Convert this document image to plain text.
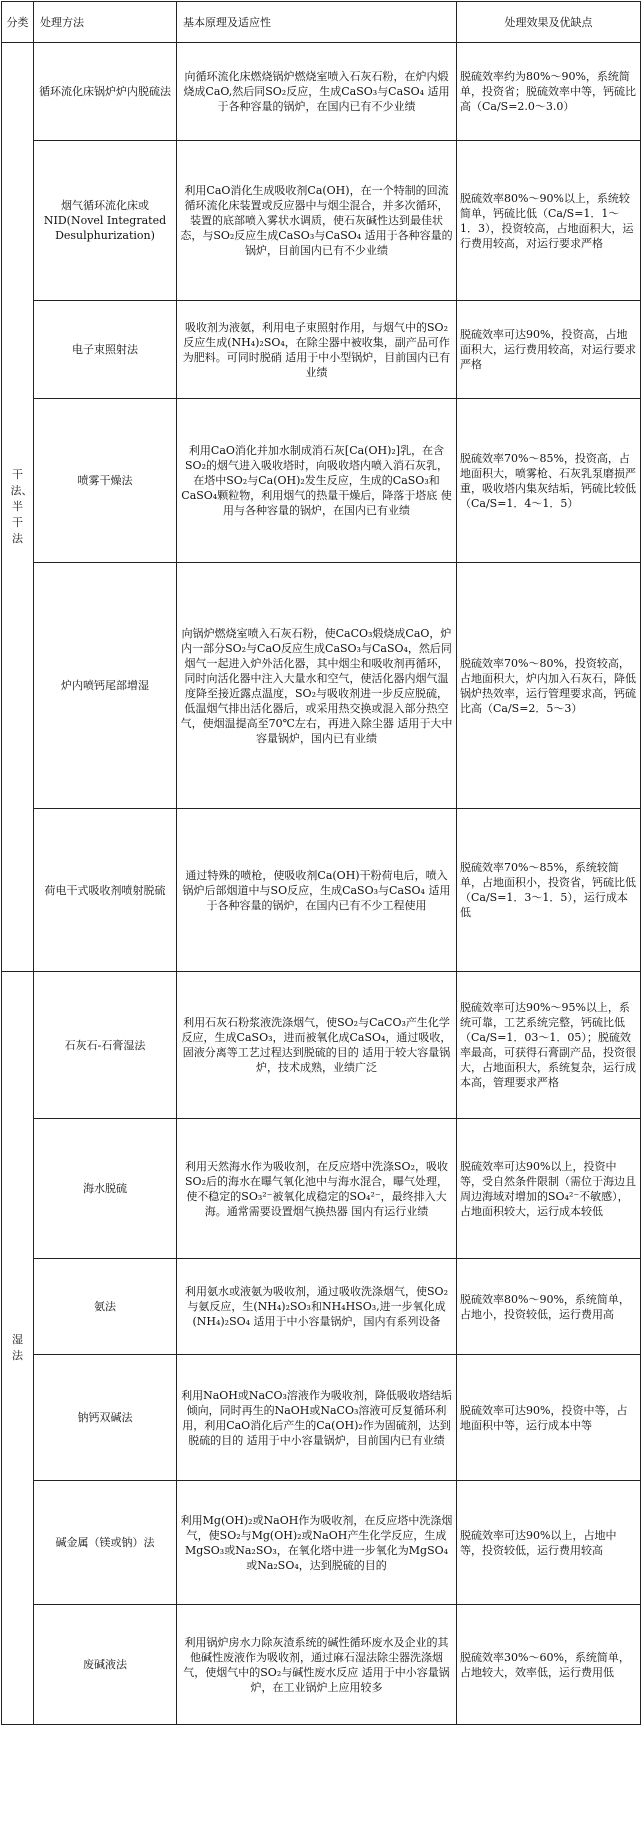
分类	处理方法	基本原理及适应性	处理效果及优缺点
干法、半干法	循环流化床锅炉炉内脱硫法	向循环流化床燃烧锅炉燃烧室喷入石灰石粉，在炉内煅烧成CaO,然后同SO₂反应，生成CaSO₃与CaSO₄ 适用于各种容量的锅炉，在国内已有不少业绩	脱硫效率约为80%～90%，系统简单，投资省；脱硫效率中等，钙硫比高（Ca/S=2.0～3.0）
	烟气循环流化床或NID(Novel Integrated Desulphurization)	利用CaO消化生成吸收剂Ca(OH)，在一个特制的回流循环流化床装置或反应器中与烟尘混合，并多次循环，装置的底部喷入雾状水调质，使石灰碱性达到最佳状态，与SO₂反应生成CaSO₃与CaSO₄ 适用于各种容量的锅炉，目前国内已有不少业绩	脱硫效率80%～90%以上，系统较简单，钙硫比低（Ca/S=1．1～1．3），投资较高，占地面积大，运行费用较高，对运行要求严格
	电子束照射法	吸收剂为液氨，利用电子束照射作用，与烟气中的SO₂反应生成(NH₄)₂SO₄，在除尘器中被收集，副产品可作为肥料。可同时脱硝 适用于中小型锅炉，目前国内已有业绩	脱硫效率可达90%，投资高，占地面积大，运行费用较高，对运行要求严格
	喷雾干燥法	利用CaO消化并加水制成消石灰[Ca(OH)₂]乳，在含SO₂的烟气进入吸收塔时，向吸收塔内喷入消石灰乳，在塔中SO₂与Ca(OH)₂发生反应，生成的CaSO₃和CaSO₄颗粒物，利用烟气的热量干燥后，降落于塔底 使用与各种容量的锅炉，在国内已有业绩	脱硫效率70%～85%，投资高，占地面积大，喷雾枪、石灰乳泵磨损严重，吸收塔内集灰结垢，钙硫比较低（Ca/S=1．4～1．5）
	炉内喷钙尾部增湿	向锅炉燃烧室喷入石灰石粉，使CaCO₃煅烧成CaO，炉内一部分SO₂与CaO反应生成CaSO₃与CaSO₄，然后同烟气一起进入炉外活化器，其中烟尘和吸收剂再循环，同时向活化器中注入大量水和空气，使活化器内烟气温度降至接近露点温度，SO₂与吸收剂进一步反应脱硫，低温烟气排出活化器后，或采用热交换或混入部分热空气，使烟温提高至70℃左右，再进入除尘器 适用于大中容量锅炉，国内已有业绩	脱硫效率70%～80%，投资较高，占地面积大，炉内加入石灰石，降低锅炉热效率，运行管理要求高，钙硫比高（Ca/S=2．5～3）
	荷电干式吸收剂喷射脱硫	通过特殊的喷枪，使吸收剂Ca(OH)干粉荷电后，喷入锅炉后部烟道中与SO反应，生成CaSO₃与CaSO₄ 适用于各种容量的锅炉，在国内已有不少工程使用	脱硫效率70%～85%，系统较简单，占地面积小，投资省，钙硫比低（Ca/S=1．3～1．5），运行成本低
湿法	石灰石-石膏湿法	利用石灰石粉浆液洗涤烟气，使SO₂与CaCO₃产生化学反应，生成CaSO₃，进而被氧化成CaSO₄，通过吸收，固液分离等工艺过程达到脱硫的目的 适用于较大容量锅炉，技术成熟，业绩广泛	脱硫效率可达90%～95%以上，系统可靠，工艺系统完整，钙硫比低（Ca/S=1．03～1．05）；脱硫效率最高，可获得石膏副产品，投资很大，占地面积大，系统复杂，运行成本高，管理要求严格
	海水脱硫	利用天然海水作为吸收剂，在反应塔中洗涤SO₂，吸收SO₂后的海水在曝气氧化池中与海水混合，曝气处理，使不稳定的SO₃²⁻被氧化成稳定的SO₄²⁻，最终排入大海。通常需要设置烟气换热器 国内有运行业绩	脱硫效率可达90%以上，投资中等，受自然条件限制（需位于海边且周边海域对增加的SO₄²⁻不敏感），占地面积较大，运行成本较低
	氨法	利用氨水或液氨为吸收剂，通过吸收洗涤烟气，使SO₂与氨反应，生(NH₄)₂SO₃和NH₄HSO₃,进一步氧化成(NH₄)₂SO₄ 适用于中小容量锅炉，国内有系列设备	脱硫效率80%～90%，系统简单，占地小，投资较低，运行费用高
	钠钙双碱法	利用NaOH或NaCO₃溶液作为吸收剂，降低吸收塔结垢倾向，同时再生的NaOH或NaCO₃溶液可反复循环利用，利用CaO消化后产生的Ca(OH)₂作为固硫剂，达到脱硫的目的 适用于中小容量锅炉，目前国内已有业绩	脱硫效率可达90%，投资中等，占地面积中等，运行成本中等
	碱金属（镁或钠）法	利用Mg(OH)₂或NaOH作为吸收剂，在反应塔中洗涤烟气，使SO₂与Mg(OH)₂或NaOH产生化学反应，生成MgSO₃或Na₂SO₃，在氧化塔中进一步氧化为MgSO₄或Na₂SO₄，达到脱硫的目的	脱硫效率可达90%以上，占地中等，投资较低，运行费用较高
	废碱液法	利用锅炉房水力除灰渣系统的碱性循环废水及企业的其他碱性废液作为吸收剂，通过麻石湿法除尘器洗涤烟气，使烟气中的SO₂与碱性废水反应 适用于中小容量锅炉，在工业锅炉上应用较多	脱硫效率30%～60%，系统简单，占地较大，效率低，运行费用低
